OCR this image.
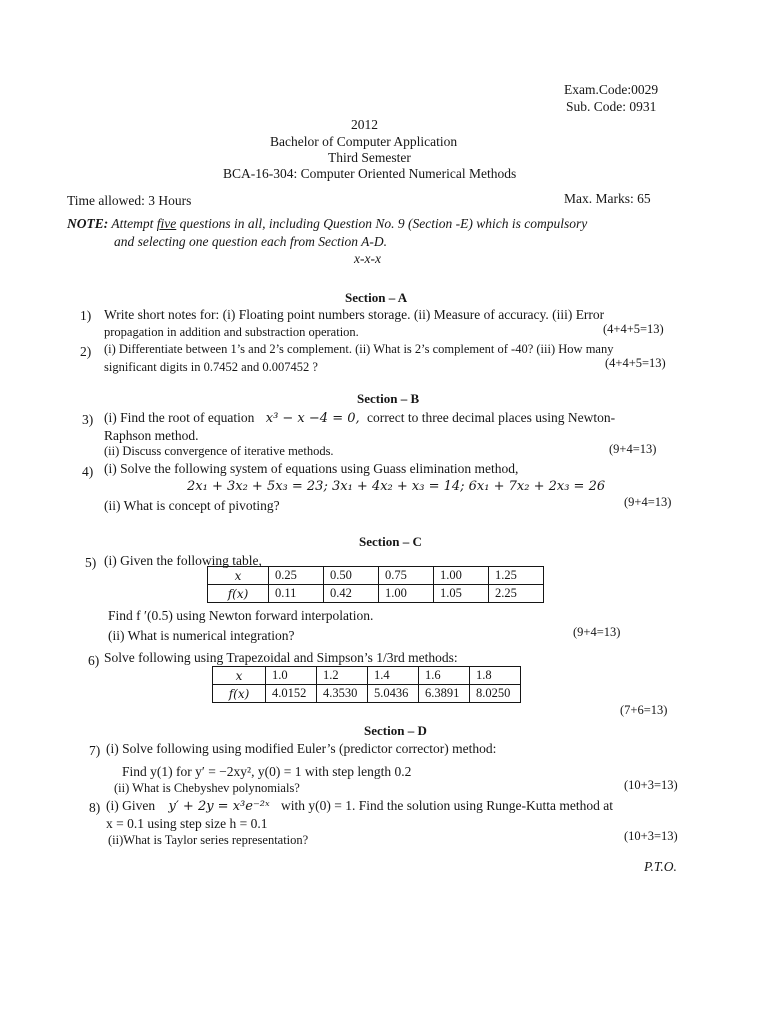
Exam.Code:0029
Sub. Code: 0931
2012
Bachelor of Computer Application
Third Semester
BCA-16-304: Computer Oriented Numerical Methods
Time allowed: 3 Hours	Max. Marks: 65
NOTE: Attempt five questions in all, including Question No. 9 (Section -E) which is compulsory
and selecting one question each from Section A-D.
x-x-x
Section – A
1) Write short notes for: (i) Floating point numbers storage. (ii) Measure of accuracy. (iii) Error
propagation in addition and substraction operation.	(4+4+5=13)
2) (i) Differentiate between 1’s and 2’s complement. (ii) What is 2’s complement of -40? (iii) How many
significant digits in 0.7452 and 0.007452 ?	(4+4+5=13)
Section – B
3) (i) Find the root of equation x³ − x −4 = 0, correct to three decimal places using Newton-
Raphson method.
(ii) Discuss convergence of iterative methods.	(9+4=13)
4) (i) Solve the following system of equations using Guass elimination method,
2x₁ + 3x₂ + 5x₃ = 23; 3x₁ + 4x₂ + x₃ = 14; 6x₁ + 7x₂ + 2x₃ = 26
(ii) What is concept of pivoting?	(9+4=13)
Section – C
5) (i) Given the following table,
x	0.25	0.50	0.75	1.00	1.25
f(x)	0.11	0.42	1.00	1.05	2.25
Find f ′(0.5) using Newton forward interpolation.
(ii) What is numerical integration?	(9+4=13)
6) Solve following using Trapezoidal and Simpson’s 1/3rd methods:
x	1.0	1.2	1.4	1.6	1.8
f(x)	4.0152	4.3530	5.0436	6.3891	8.0250
(7+6=13)
Section – D
7) (i) Solve following using modified Euler’s (predictor corrector) method:
Find y(1) for y′ = −2xy², y(0) = 1 with step length 0.2
(ii) What is Chebyshev polynomials?	(10+3=13)
8) (i) Given y′ + 2y = x³e⁻²ˣ with y(0) = 1. Find the solution using Runge-Kutta method at
x = 0.1 using step size h = 0.1
(ii)What is Taylor series representation?	(10+3=13)
P.T.O.
